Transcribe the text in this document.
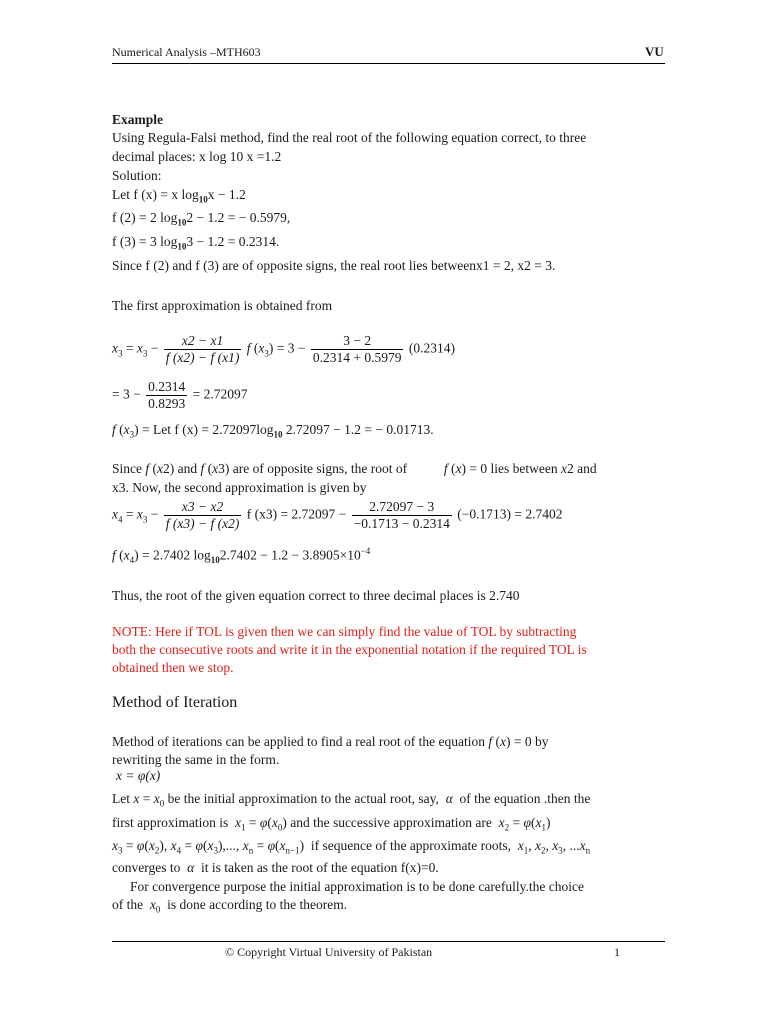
Numerical Analysis –MTH603	VU
Example
Using Regula-Falsi method, find the real root of the following equation correct, to three
decimal places: x log 10 x =1.2
Solution:
Let f (x) = x $\log_{10}x - 1.2$
f (2) = 2 $\log_{10}2 - 1.2$ = − 0.5979,
f (3) = 3 $\log_{10}3 - 1.2 = 0.2314$.
Since f (2) and f (3) are of opposite signs, the real root lies betweenx1 = 2, x2 = 3.
The first approximation is obtained from
$x_3 = x_3 - \frac{x2 - x1}{f (x2) - f (x1)}$ f $(x_3) = 3 - \frac{3 - 2}{0.2314 + 0.5979} (0.2314)$
= $3 - \frac{0.2314}{0.8293} = 2.72097$
f $(x_3)$ = Let f $(x) = 2.72097\log_{10}$ 2.72097 − 1.2 = − 0.01713.
Since f (x2) and f (x3) are of opposite signs, the root of	f (x) = 0 lies between x2 and
x3. Now, the second approximation is given by
$x_4 = x_3 - \frac{x3 - x2}{f (x3) - f (x2)}$ f $(x3) = 2.72097 - \frac{2.72097 - 3}{-0.1713 - 0.2314} (-0.1713) = 2.7402$
f $(x_4) = 2.7402$ $\log_{10}2.7402 - 1.2 - 3.8905\times 10^{-4}$
Thus, the root of the given equation correct to three decimal places is 2.740
NOTE: Here if TOL is given then we can simply find the value of TOL by subtracting
both the consecutive roots and write it in the exponential notation if the required TOL is
obtained then we stop.
Method of Iteration
Method of iterations can be applied to find a real root of the equation f (x) = 0 by
rewriting the same in the form.
x = φ(x)
Let $x = x_0$ be the initial approximation to the actual root, say,  α  of the equation .then the
first approximation is $x_1 = \varphi(x_0)$ and the successive approximation are $x_2 = \varphi(x_1)$
$x_3 = \varphi(x_2)$, $x_4 = \varphi(x_3)$,..., $x_n = \varphi(x_{n-1})$  if sequence of the approximate roots, $x_1$, $x_2$, $x_3$, $...x_n$
converges to  α  it is taken as the root of the equation f(x)=0.
For convergence purpose the initial approximation is to be done carefully.the choice
of the $x_0$ is done according to the theorem.
© Copyright Virtual University of Pakistan	1
